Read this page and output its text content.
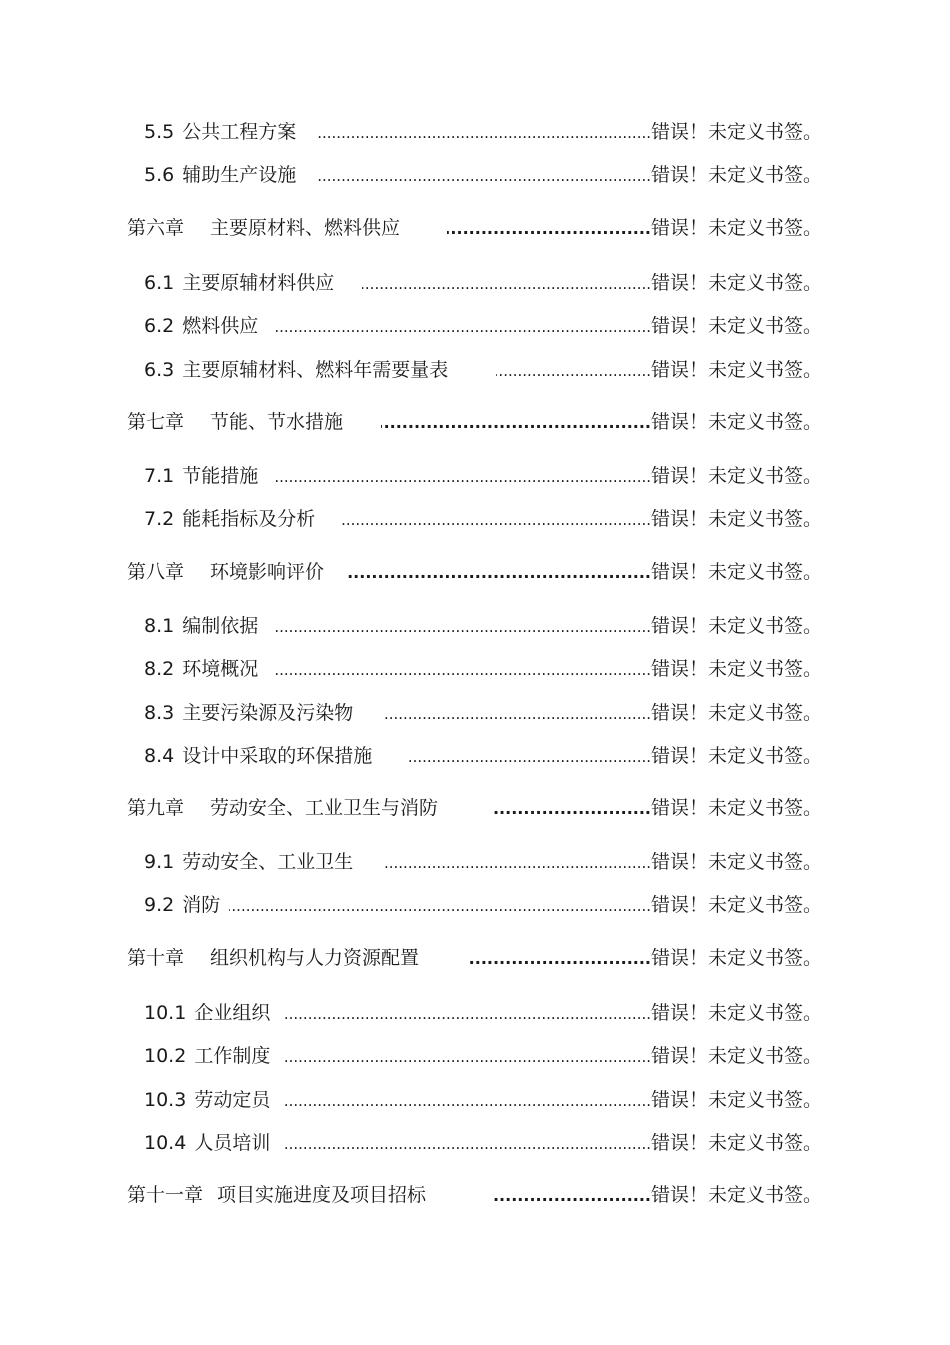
5.5 公共工程方案 .....	错误！未定义书签。
5.6 辅助生产设施 .....	错误！未定义书签。
第六章 主要原材料、燃料供应 .....	错误！未定义书签。
6.1 主要原辅材料供应 .....	错误！未定义书签。
6.2 燃料供应 .....	错误！未定义书签。
6.3 主要原辅材料、燃料年需要量表 .....	错误！未定义书签。
第七章 节能、节水措施 .....	错误！未定义书签。
7.1 节能措施 .....	错误！未定义书签。
7.2 能耗指标及分析 .....	错误！未定义书签。
第八章 环境影响评价 .....	错误！未定义书签。
8.1 编制依据 .....	错误！未定义书签。
8.2 环境概况 .....	错误！未定义书签。
8.3 主要污染源及污染物 .....	错误！未定义书签。
8.4 设计中采取的环保措施 .....	错误！未定义书签。
第九章 劳动安全、工业卫生与消防 .....	错误！未定义书签。
9.1 劳动安全、工业卫生 .....	错误！未定义书签。
9.2 消防 .....	错误！未定义书签。
第十章 组织机构与人力资源配置 .....	错误！未定义书签。
10.1 企业组织 .....	错误！未定义书签。
10.2 工作制度 .....	错误！未定义书签。
10.3 劳动定员 .....	错误！未定义书签。
10.4 人员培训 .....	错误！未定义书签。
第十一章 项目实施进度及项目招标 .....	错误！未定义书签。
